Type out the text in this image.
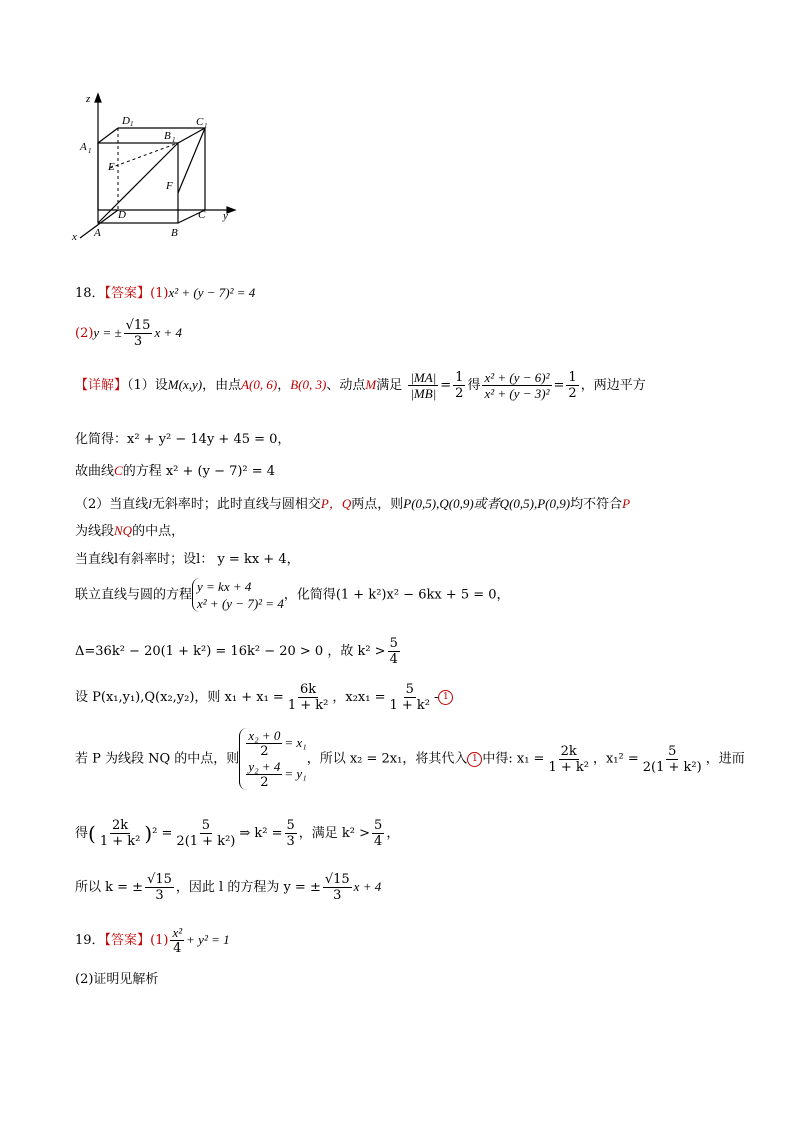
z
D 1	C 1
A 1
B 1
E
F
D	C y
x A	B
18．【答案】(1)x² + (y − 7)² = 4
(2)y = ± $\frac{√15}{3}$ x + 4
【详解】（1）设M(x,y)，由点A(0, 6)，B(0, 3)、动点M满足 $\frac{|MA|}{|MB|} = \frac{1}{2}$ 得 $\frac{\text{x² + (y − 6)²}}{\text{x² + (y − 3)²}} = \frac{1}{2}$ ，两边平方
化简得：x² + y² − 14y + 45 = 0，
故曲线C的方程 x² + (y − 7)² = 4
（2）当直线l无斜率时；此时直线与圆相交P，Q两点，则P(0,5),Q(0,9)或者Q(0,5),P(0,9)均不符合P
为线段NQ的中点，
当直线l有斜率时；设l： y = kx + 4，
联立直线与圆的方程
y = kx + 4
x² + (y − 7)² = 4
，化简得(1 + k²)x² − 6kx + 5 = 0，
Δ=36k² − 20(1 + k²) = 16k² − 20 > 0 ，故 $k^2 > \frac{5}{4}$
设 P(x₁,y₁),Q(x₂,y₂)，则 $x_1 + x_1 = \frac{6k}{\text{1 + k²}}$ ，$x_2x_1 = \frac{5}{\text{1 + k²}} - 1$
若 P 为线段 NQ 的中点，则 $\frac{\text{x₂ + 0}}{2} = x_1$
$\frac{\text{y₂ + 4}}{2} = y_1$
，所以 x₂ = 2x₁，将其代入 1 中得: $x_1 = \frac{2k}{\text{1 + k²}}$ ，$x_1^2 = \frac{5}{\text{2(1 + k²)}}$ ，进而
得( $\frac{2k}{\text{1 + k²}} )^2 = \frac{5}{\text{2(1 + k²)}}$ ⇒ $k^2 = \frac{5}{3}$ ，满足 $k^2 > \frac{5}{4}$ ，
所以 k = ± $\frac{√15}{3}$ ，因此 l 的方程为 y = ± $\frac{√15}{3}$ x + 4
19．【答案】$(1) \frac{\text{x²}}{4} + y^2 = 1$
(2)证明见解析
